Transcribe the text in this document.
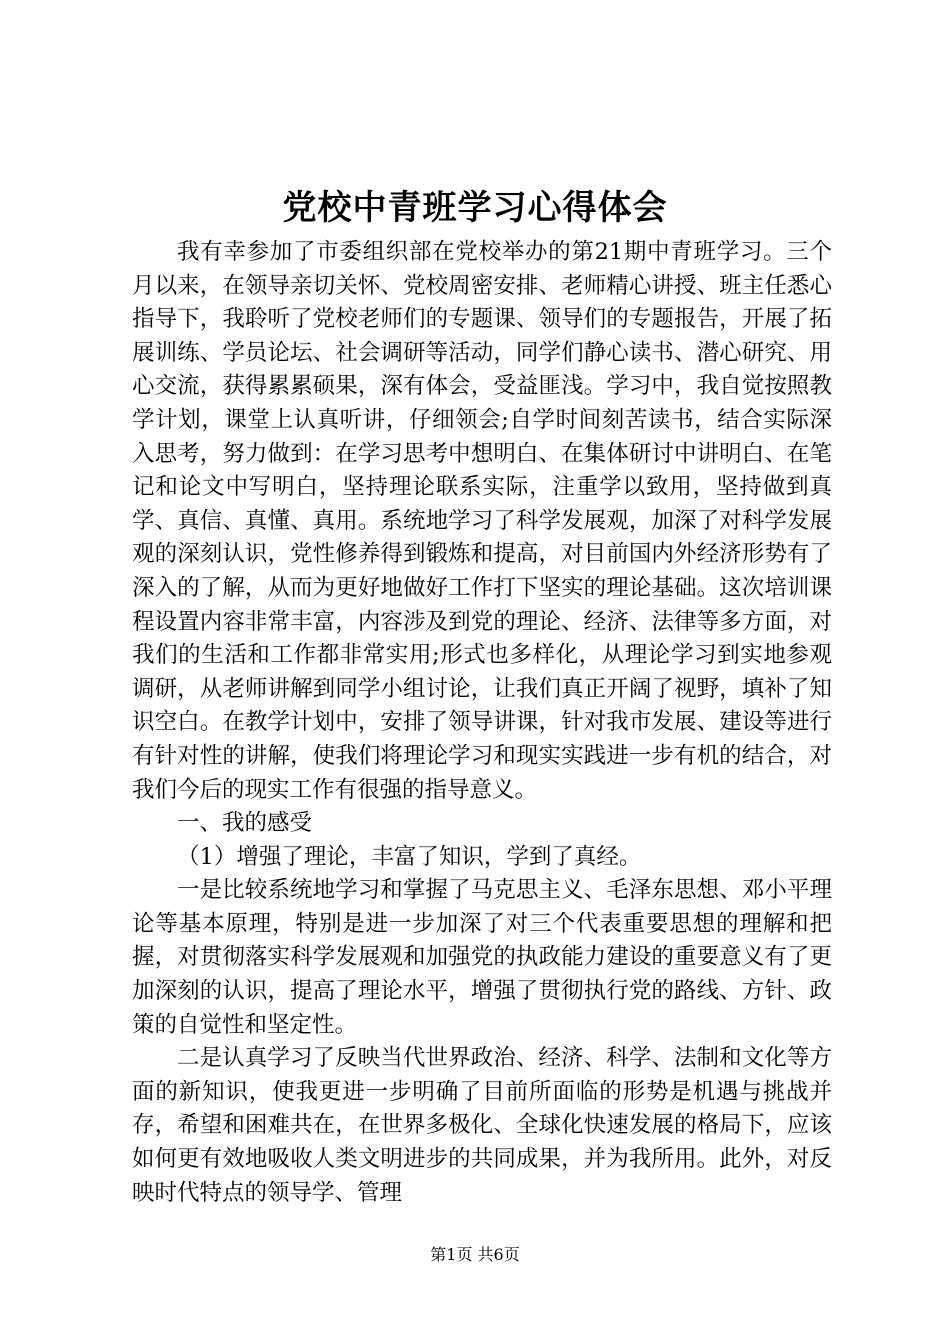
党校中青班学习心得体会

我有幸参加了市委组织部在党校举办的第21期中青班学习。三个月以来，在领导亲切关怀、党校周密安排、老师精心讲授、班主任悉心指导下，我聆听了党校老师们的专题课、领导们的专题报告，开展了拓展训练、学员论坛、社会调研等活动，同学们静心读书、潜心研究、用心交流，获得累累硕果，深有体会，受益匪浅。学习中，我自觉按照教学计划，课堂上认真听讲，仔细领会;自学时间刻苦读书，结合实际深入思考，努力做到：在学习思考中想明白、在集体研讨中讲明白、在笔记和论文中写明白，坚持理论联系实际，注重学以致用，坚持做到真学、真信、真懂、真用。系统地学习了科学发展观，加深了对科学发展观的深刻认识，党性修养得到锻炼和提高，对目前国内外经济形势有了深入的了解，从而为更好地做好工作打下坚实的理论基础。这次培训课程设置内容非常丰富，内容涉及到党的理论、经济、法律等多方面，对我们的生活和工作都非常实用;形式也多样化，从理论学习到实地参观调研，从老师讲解到同学小组讨论，让我们真正开阔了视野，填补了知识空白。在教学计划中，安排了领导讲课，针对我市发展、建设等进行有针对性的讲解，使我们将理论学习和现实实践进一步有机的结合，对我们今后的现实工作有很强的指导意义。

一、我的感受

（1）增强了理论，丰富了知识，学到了真经。

一是比较系统地学习和掌握了马克思主义、毛泽东思想、邓小平理论等基本原理，特别是进一步加深了对三个代表重要思想的理解和把握，对贯彻落实科学发展观和加强党的执政能力建设的重要意义有了更加深刻的认识，提高了理论水平，增强了贯彻执行党的路线、方针、政策的自觉性和坚定性。

二是认真学习了反映当代世界政治、经济、科学、法制和文化等方面的新知识，使我更进一步明确了目前所面临的形势是机遇与挑战并存，希望和困难共在，在世界多极化、全球化快速发展的格局下，应该如何更有效地吸收人类文明进步的共同成果，并为我所用。此外，对反映时代特点的领导学、管理

第1页 共6页
